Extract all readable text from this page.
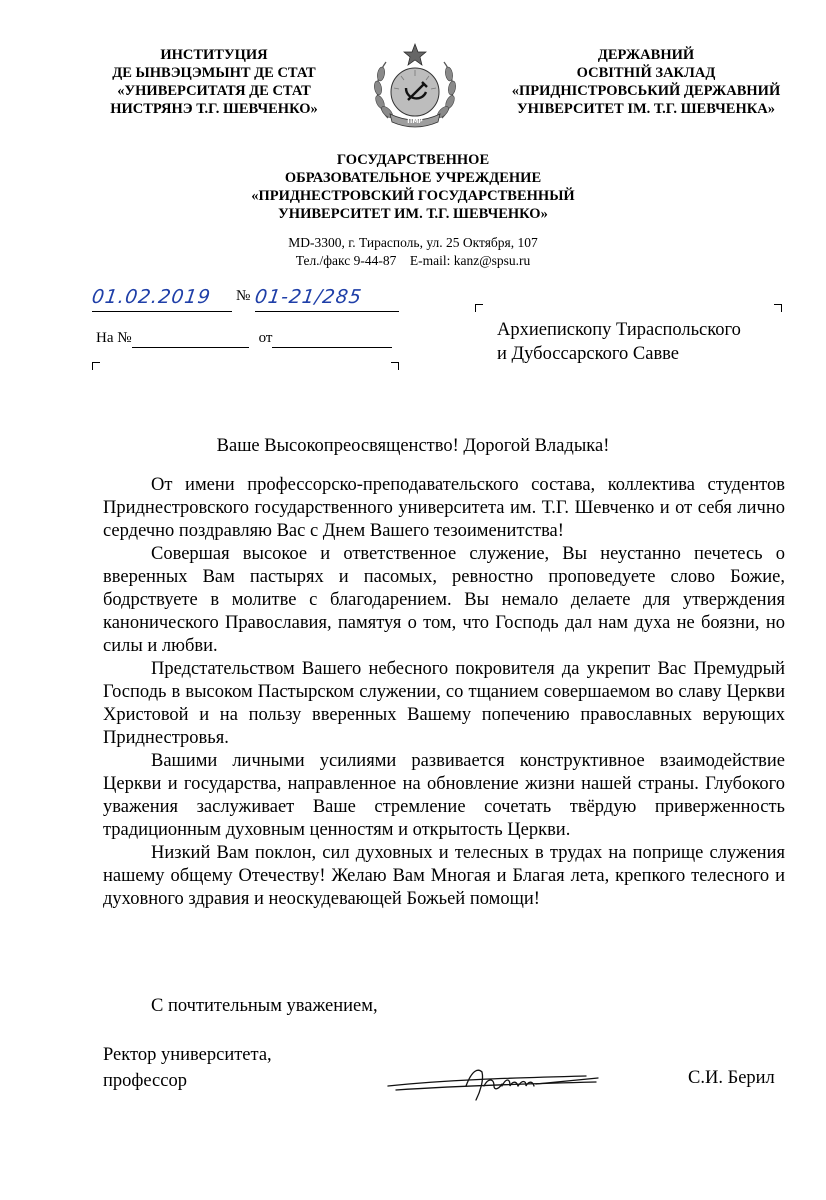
ИНСТИТУЦИЯ
ДЕ ЫНВЭЦЭМЫНТ ДЕ СТАТ
«УНИВЕРСИТАТЯ ДЕ СТАТ
НИСТРЯНЭ Т.Г. ШЕВЧЕНКО»
ПМР
ДЕРЖАВНИЙ
ОСВІТНІЙ ЗАКЛАД
«ПРИДНІСТРОВСЬКИЙ ДЕРЖАВНИЙ
УНІВЕРСИТЕТ ІМ. Т.Г. ШЕВЧЕНКА»
ГОСУДАРСТВЕННОЕ
ОБРАЗОВАТЕЛЬНОЕ УЧРЕЖДЕНИЕ
«ПРИДНЕСТРОВСКИЙ ГОСУДАРСТВЕННЫЙ
УНИВЕРСИТЕТ ИМ. Т.Г. ШЕВЧЕНКО»
MD-3300, г. Тирасполь, ул. 25 Октября, 107
Тел./факс 9-44-87    E-mail: kanz@spsu.ru
01.02.2019 № 01-21/285
На №	от	Архиепископу Тираспольского
и Дубоссарского Савве
Ваше Высокопреосвященство! Дорогой Владыка!

От имени профессорско-преподавательского состава, коллектива студентов Приднестровского государственного университета им. Т.Г. Шевченко и от себя лично сердечно поздравляю Вас с Днем Вашего тезоименитства!

Совершая высокое и ответственное служение, Вы неустанно печетесь о вверенных Вам пастырях и пасомых, ревностно проповедуете слово Божие, бодрствуете в молитве с благодарением. Вы немало делаете для утверждения канонического Православия, памятуя о том, что Господь дал нам духа не боязни, но силы и любви.

Предстательством Вашего небесного покровителя да укрепит Вас Премудрый Господь в высоком Пастырском служении, со тщанием совершаемом во славу Церкви Христовой и на пользу вверенных Вашему попечению православных верующих Приднестровья.

Вашими личными усилиями развивается конструктивное взаимодействие Церкви и государства, направленное на обновление жизни нашей страны. Глубокого уважения заслуживает Ваше стремление сочетать твёрдую приверженность традиционным духовным ценностям и открытость Церкви.

Низкий Вам поклон, сил духовных и телесных в трудах на поприще служения нашему общему Отечеству! Желаю Вам Многая и Благая лета, крепкого телесного и духовного здравия и неоскудевающей Божьей помощи!

С почтительным уважением,
Ректор университета,
профессор	С.И. Берил
